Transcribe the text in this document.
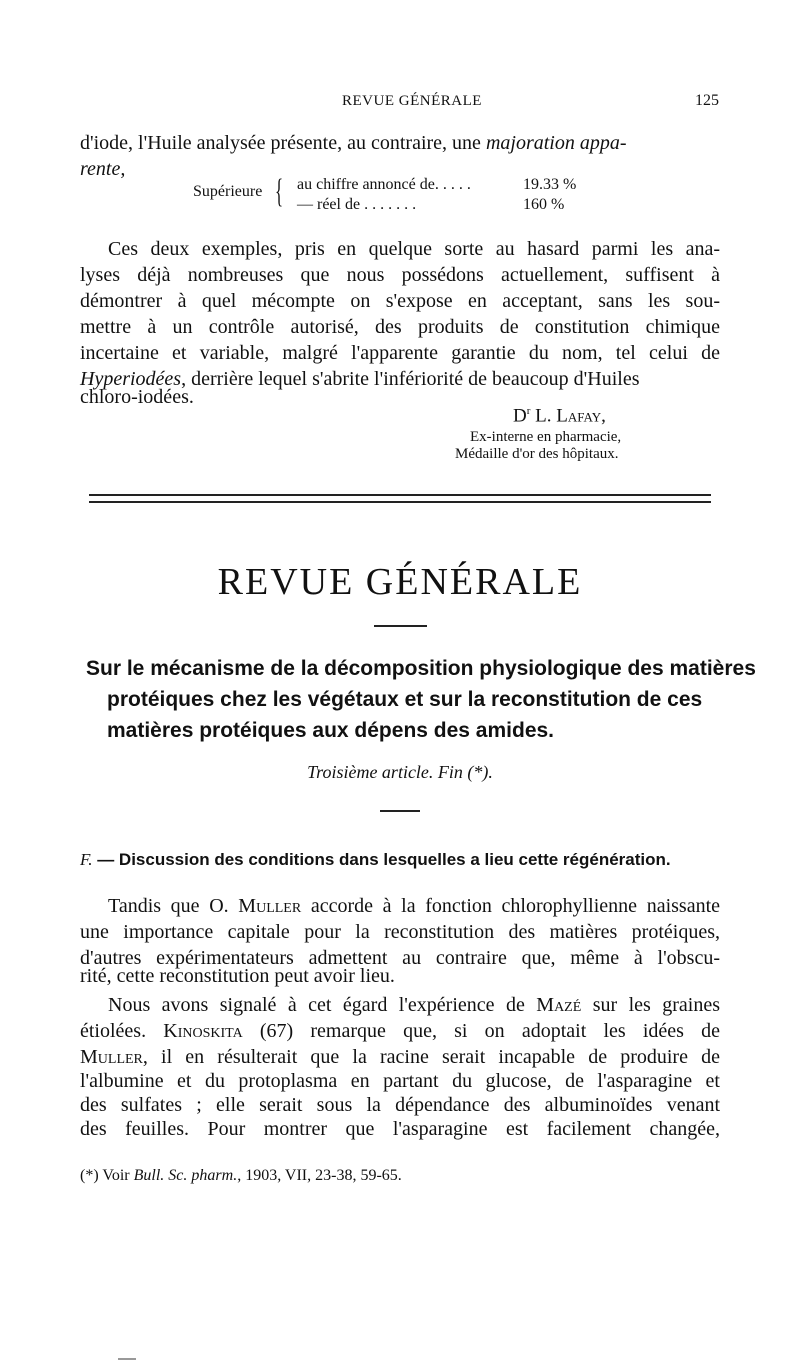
REVUE GÉNÉRALE	125
d'iode, l'Huile analysée présente, au contraire, une majoration appa-
rente,
Supérieure { au chiffre annoncé de. . . . .	19.33 %
— réel de . . . . . . .	160 %
Ces deux exemples, pris en quelque sorte au hasard parmi les ana-
lyses déjà nombreuses que nous possédons actuellement, suffisent à
démontrer à quel mécompte on s'expose en acceptant, sans les sou-
mettre à un contrôle autorisé, des produits de constitution chimique
incertaine et variable, malgré l'apparente garantie du nom, tel celui de
Hyperiodées, derrière lequel s'abrite l'infériorité de beaucoup d'Huiles
chloro-iodées.
$D^r$ L. Lafay,
Ex-interne en pharmacie,
Médaille d'or des hôpitaux.
REVUE GÉNÉRALE
Sur le mécanisme de la décomposition physiologique des matières
protéiques chez les végétaux et sur la reconstitution de ces
matières protéiques aux dépens des amides.
Troisième article. Fin (*).
F. — Discussion des conditions dans lesquelles a lieu cette régénération.
Tandis que O. Muller accorde à la fonction chlorophyllienne naissante
une importance capitale pour la reconstitution des matières protéiques,
d'autres expérimentateurs admettent au contraire que, même à l'obscu-
rité, cette reconstitution peut avoir lieu.
Nous avons signalé à cet égard l'expérience de Mazé sur les graines
étiolées. Kinoskita (67) remarque que, si on adoptait les idées de
Muller, il en résulterait que la racine serait incapable de produire de
l'albumine et du protoplasma en partant du glucose, de l'asparagine et
des sulfates ; elle serait sous la dépendance des albuminoïdes venant
des feuilles. Pour montrer que l'asparagine est facilement changée,
(*) Voir Bull. Sc. pharm., 1903, VII, 23-38, 59-65.
